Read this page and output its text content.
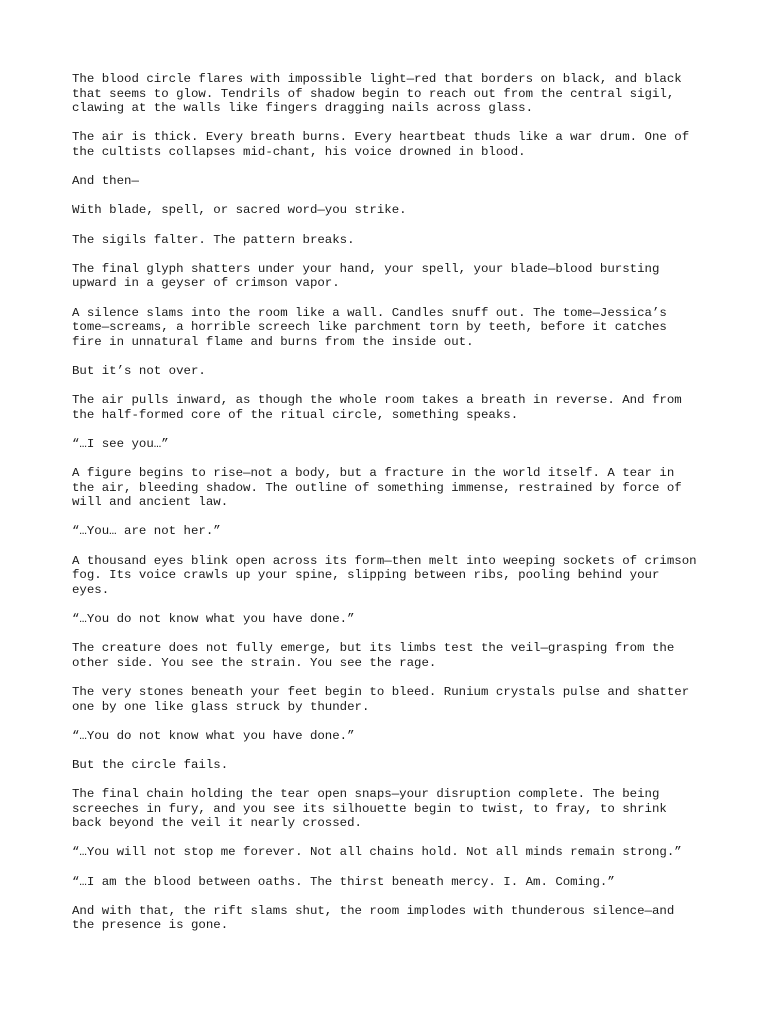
The blood circle flares with impossible light—red that borders on black, and black that seems to glow. Tendrils of shadow begin to reach out from the central sigil, clawing at the walls like fingers dragging nails across glass.

The air is thick. Every breath burns. Every heartbeat thuds like a war drum. One of the cultists collapses mid-chant, his voice drowned in blood.

And then—

With blade, spell, or sacred word—you strike.

The sigils falter. The pattern breaks.

The final glyph shatters under your hand, your spell, your blade—blood bursting upward in a geyser of crimson vapor.

A silence slams into the room like a wall. Candles snuff out. The tome—Jessica’s tome—screams, a horrible screech like parchment torn by teeth, before it catches fire in unnatural flame and burns from the inside out.

But it’s not over.

The air pulls inward, as though the whole room takes a breath in reverse. And from the half-formed core of the ritual circle, something speaks.

“…I see you…”

A figure begins to rise—not a body, but a fracture in the world itself. A tear in the air, bleeding shadow. The outline of something immense, restrained by force of will and ancient law.

“…You… are not her.”

A thousand eyes blink open across its form—then melt into weeping sockets of crimson fog. Its voice crawls up your spine, slipping between ribs, pooling behind your eyes.

“…You do not know what you have done.”

The creature does not fully emerge, but its limbs test the veil—grasping from the other side. You see the strain. You see the rage.

The very stones beneath your feet begin to bleed. Runium crystals pulse and shatter one by one like glass struck by thunder.

“…You do not know what you have done.”

But the circle fails.

The final chain holding the tear open snaps—your disruption complete. The being screeches in fury, and you see its silhouette begin to twist, to fray, to shrink back beyond the veil it nearly crossed.

“…You will not stop me forever. Not all chains hold. Not all minds remain strong.”

“…I am the blood between oaths. The thirst beneath mercy. I. Am. Coming.”

And with that, the rift slams shut, the room implodes with thunderous silence—and the presence is gone.
